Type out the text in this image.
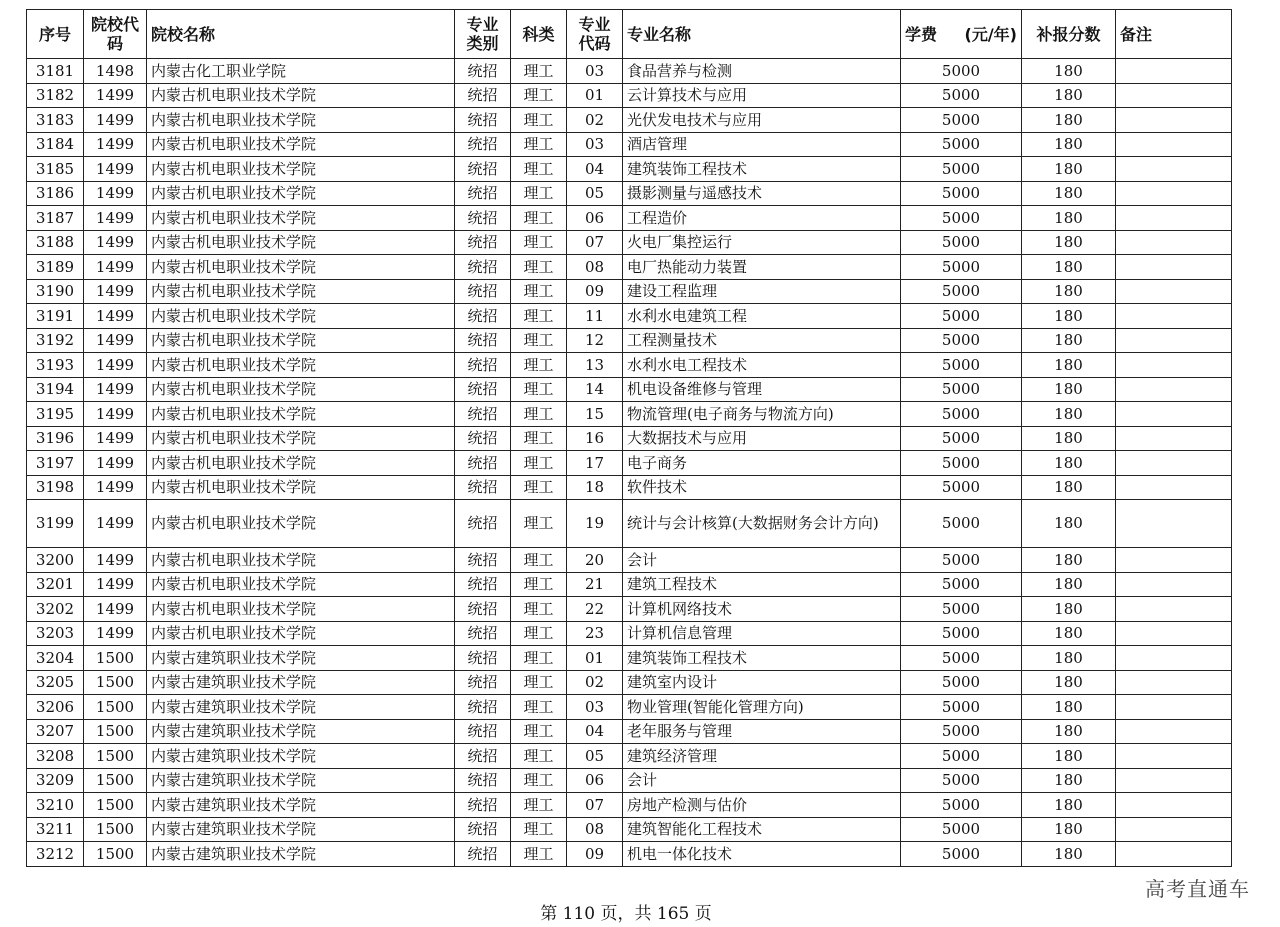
序号	院校代码	院校名称	专业类别	科类	专业代码	专业名称	学费 (元/年)	补报分数	备注
3181	1498	内蒙古化工职业学院	统招	理工	03	食品营养与检测	5000	180	
3182	1499	内蒙古机电职业技术学院	统招	理工	01	云计算技术与应用	5000	180	
3183	1499	内蒙古机电职业技术学院	统招	理工	02	光伏发电技术与应用	5000	180	
3184	1499	内蒙古机电职业技术学院	统招	理工	03	酒店管理	5000	180	
3185	1499	内蒙古机电职业技术学院	统招	理工	04	建筑装饰工程技术	5000	180	
3186	1499	内蒙古机电职业技术学院	统招	理工	05	摄影测量与遥感技术	5000	180	
3187	1499	内蒙古机电职业技术学院	统招	理工	06	工程造价	5000	180	
3188	1499	内蒙古机电职业技术学院	统招	理工	07	火电厂集控运行	5000	180	
3189	1499	内蒙古机电职业技术学院	统招	理工	08	电厂热能动力装置	5000	180	
3190	1499	内蒙古机电职业技术学院	统招	理工	09	建设工程监理	5000	180	
3191	1499	内蒙古机电职业技术学院	统招	理工	11	水利水电建筑工程	5000	180	
3192	1499	内蒙古机电职业技术学院	统招	理工	12	工程测量技术	5000	180	
3193	1499	内蒙古机电职业技术学院	统招	理工	13	水利水电工程技术	5000	180	
3194	1499	内蒙古机电职业技术学院	统招	理工	14	机电设备维修与管理	5000	180	
3195	1499	内蒙古机电职业技术学院	统招	理工	15	物流管理(电子商务与物流方向)	5000	180	
3196	1499	内蒙古机电职业技术学院	统招	理工	16	大数据技术与应用	5000	180	
3197	1499	内蒙古机电职业技术学院	统招	理工	17	电子商务	5000	180	
3198	1499	内蒙古机电职业技术学院	统招	理工	18	软件技术	5000	180	
3199	1499	内蒙古机电职业技术学院	统招	理工	19	统计与会计核算(大数据财务会计方向)	5000	180	
3200	1499	内蒙古机电职业技术学院	统招	理工	20	会计	5000	180	
3201	1499	内蒙古机电职业技术学院	统招	理工	21	建筑工程技术	5000	180	
3202	1499	内蒙古机电职业技术学院	统招	理工	22	计算机网络技术	5000	180	
3203	1499	内蒙古机电职业技术学院	统招	理工	23	计算机信息管理	5000	180	
3204	1500	内蒙古建筑职业技术学院	统招	理工	01	建筑装饰工程技术	5000	180	
3205	1500	内蒙古建筑职业技术学院	统招	理工	02	建筑室内设计	5000	180	
3206	1500	内蒙古建筑职业技术学院	统招	理工	03	物业管理(智能化管理方向)	5000	180	
3207	1500	内蒙古建筑职业技术学院	统招	理工	04	老年服务与管理	5000	180	
3208	1500	内蒙古建筑职业技术学院	统招	理工	05	建筑经济管理	5000	180	
3209	1500	内蒙古建筑职业技术学院	统招	理工	06	会计	5000	180	
3210	1500	内蒙古建筑职业技术学院	统招	理工	07	房地产检测与估价	5000	180	
3211	1500	内蒙古建筑职业技术学院	统招	理工	08	建筑智能化工程技术	5000	180	
3212	1500	内蒙古建筑职业技术学院	统招	理工	09	机电一体化技术	5000	180	
第 110 页，共 165 页
高考直通车
